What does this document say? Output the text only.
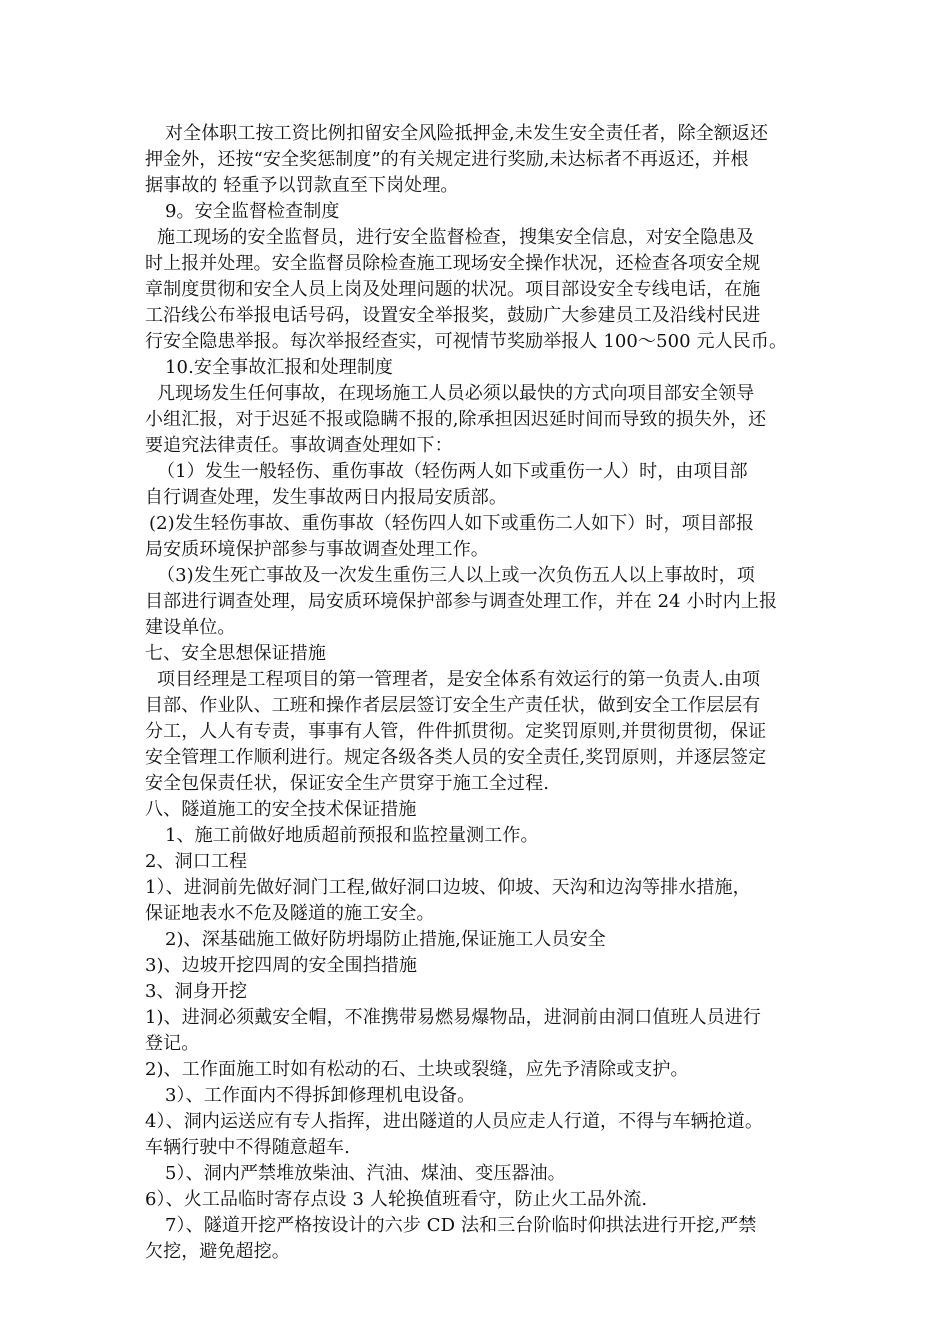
对全体职工按工资比例扣留安全风险抵押金,未发生安全责任者，除全额返还
押金外，还按“安全奖惩制度”的有关规定进行奖励,未达标者不再返还，并根
据事故的 轻重予以罚款直至下岗处理。
9。安全监督检查制度
施工现场的安全监督员，进行安全监督检查，搜集安全信息，对安全隐患及
时上报并处理。安全监督员除检查施工现场安全操作状况，还检查各项安全规
章制度贯彻和安全人员上岗及处理问题的状况。项目部设安全专线电话，在施
工沿线公布举报电话号码，设置安全举报奖，鼓励广大参建员工及沿线村民进
行安全隐患举报。每次举报经查实，可视情节奖励举报人 100～500 元人民币。
10.安全事故汇报和处理制度
凡现场发生任何事故，在现场施工人员必须以最快的方式向项目部安全领导
小组汇报，对于迟延不报或隐瞒不报的,除承担因迟延时间而导致的损失外，还
要追究法律责任。事故调查处理如下：
（1）发生一般轻伤、重伤事故（轻伤两人如下或重伤一人）时，由项目部
自行调查处理，发生事故两日内报局安质部。
(2)发生轻伤事故、重伤事故（轻伤四人如下或重伤二人如下）时，项目部报
局安质环境保护部参与事故调查处理工作。
（3)发生死亡事故及一次发生重伤三人以上或一次负伤五人以上事故时，项
目部进行调查处理，局安质环境保护部参与调查处理工作，并在 24 小时内上报
建设单位。
七、安全思想保证措施
项目经理是工程项目的第一管理者，是安全体系有效运行的第一负责人.由项
目部、作业队、工班和操作者层层签订安全生产责任状，做到安全工作层层有
分工，人人有专责，事事有人管，件件抓贯彻。定奖罚原则,并贯彻贯彻，保证
安全管理工作顺利进行。规定各级各类人员的安全责任,奖罚原则，并逐层签定
安全包保责任状，保证安全生产贯穿于施工全过程.
八、隧道施工的安全技术保证措施
1、施工前做好地质超前预报和监控量测工作。
2、洞口工程
1）、进洞前先做好洞门工程,做好洞口边坡、仰坡、天沟和边沟等排水措施，
保证地表水不危及隧道的施工安全。
2)、深基础施工做好防坍塌防止措施,保证施工人员安全
3)、边坡开挖四周的安全围挡措施
3、洞身开挖
1)、进洞必须戴安全帽，不准携带易燃易爆物品，进洞前由洞口值班人员进行
登记。
2)、工作面施工时如有松动的石、土块或裂缝，应先予清除或支护。
3）、工作面内不得拆卸修理机电设备。
4）、洞内运送应有专人指挥，进出隧道的人员应走人行道，不得与车辆抢道。
车辆行驶中不得随意超车.
5）、洞内严禁堆放柴油、汽油、煤油、变压器油。
6）、火工品临时寄存点设 3 人轮换值班看守，防止火工品外流.
7）、隧道开挖严格按设计的六步 CD 法和三台阶临时仰拱法进行开挖,严禁
欠挖，避免超挖。
